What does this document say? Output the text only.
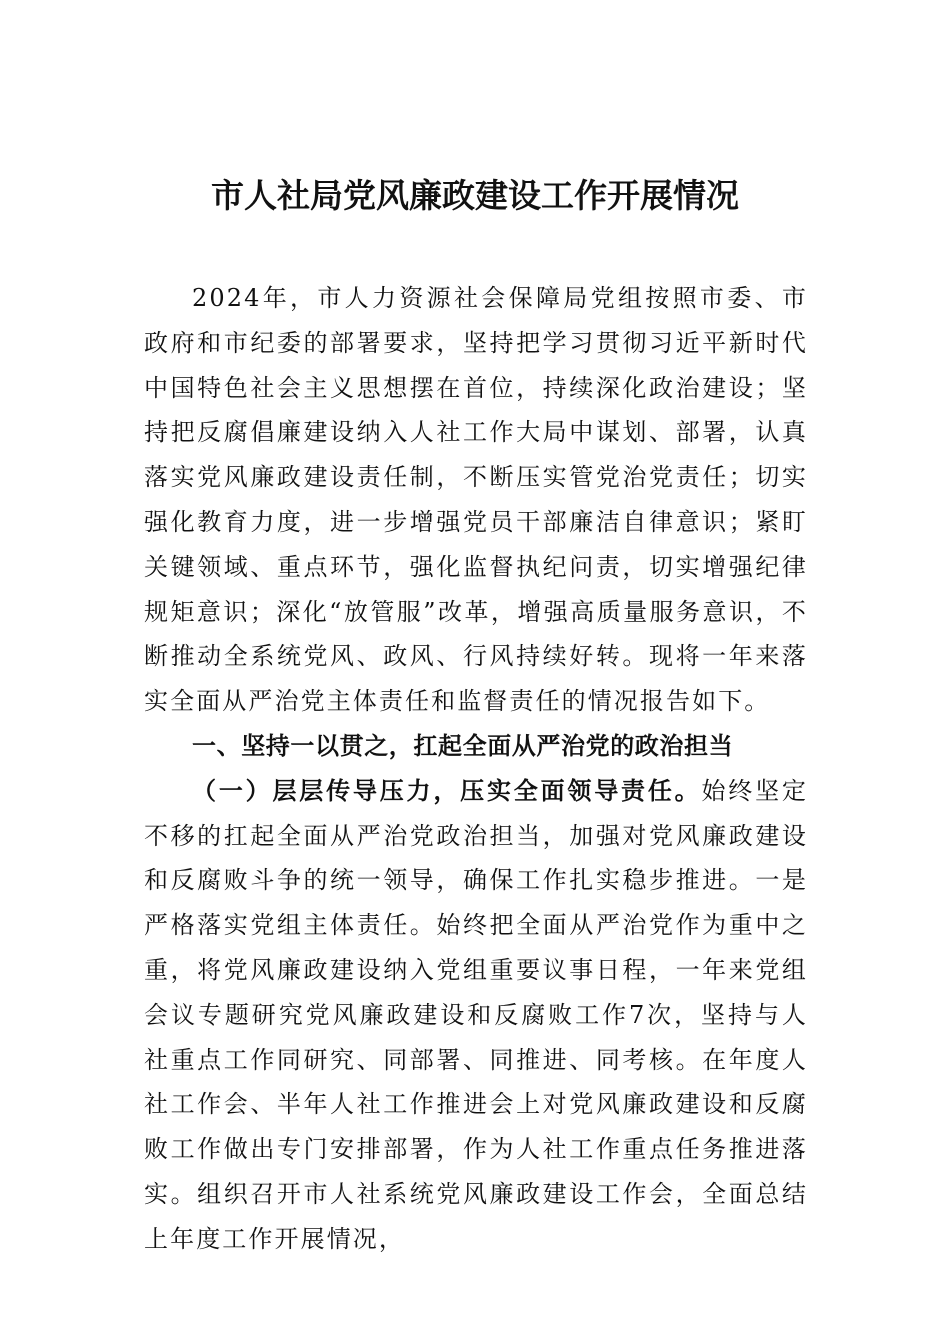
市人社局党风廉政建设工作开展情况

2024年，市人力资源社会保障局党组按照市委、市政府和市纪委的部署要求，坚持把学习贯彻习近平新时代中国特色社会主义思想摆在首位，持续深化政治建设；坚持把反腐倡廉建设纳入人社工作大局中谋划、部署，认真落实党风廉政建设责任制，不断压实管党治党责任；切实强化教育力度，进一步增强党员干部廉洁自律意识；紧盯关键领域、重点环节，强化监督执纪问责，切实增强纪律规矩意识；深化“放管服”改革，增强高质量服务意识，不断推动全系统党风、政风、行风持续好转。现将一年来落实全面从严治党主体责任和监督责任的情况报告如下。

一、坚持一以贯之，扛起全面从严治党的政治担当

（一）层层传导压力，压实全面领导责任。始终坚定不移的扛起全面从严治党政治担当，加强对党风廉政建设和反腐败斗争的统一领导，确保工作扎实稳步推进。一是严格落实党组主体责任。始终把全面从严治党作为重中之重，将党风廉政建设纳入党组重要议事日程，一年来党组会议专题研究党风廉政建设和反腐败工作7次，坚持与人社重点工作同研究、同部署、同推进、同考核。在年度人社工作会、半年人社工作推进会上对党风廉政建设和反腐败工作做出专门安排部署，作为人社工作重点任务推进落实。组织召开市人社系统党风廉政建设工作会，全面总结上年度工作开展情况，
